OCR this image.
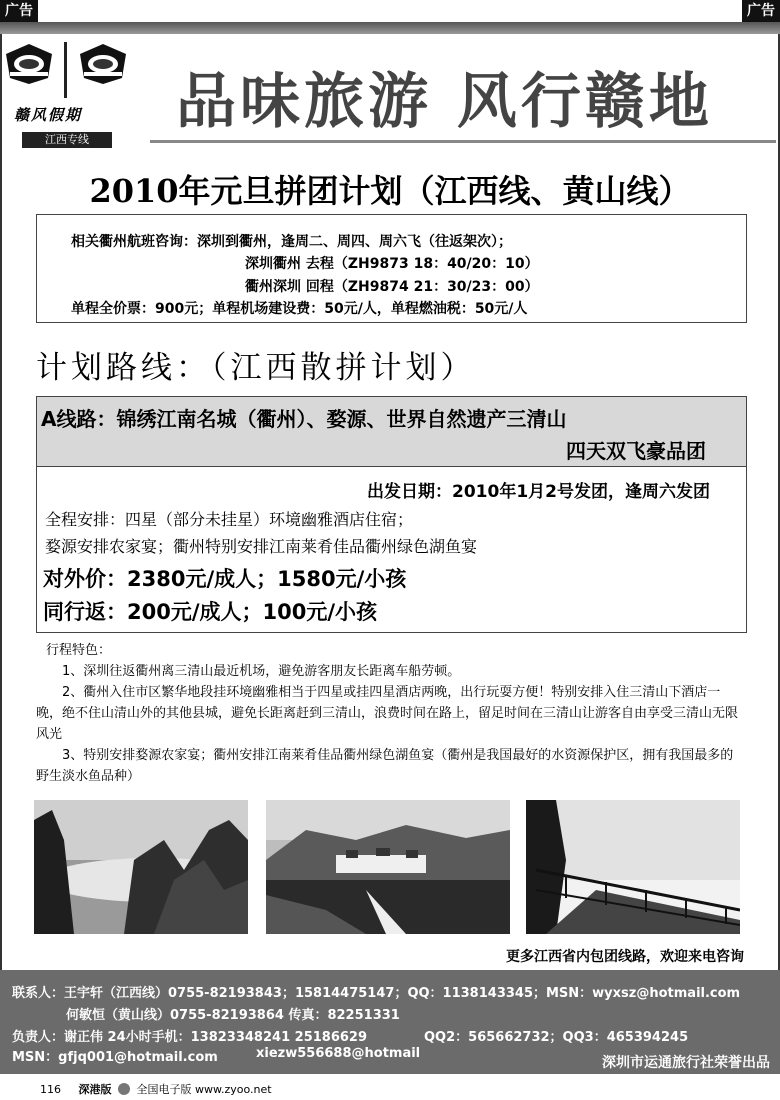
广告	广告
赣风假期
江西专线
品味旅游 风行赣地
2010年元旦拼团计划（江西线、黄山线）
相关衢州航班咨询：深圳到衢州，逢周二、周四、周六飞（往返架次）；
深圳衢州 去程（ZH9873 18：40/20：10）
衢州深圳 回程（ZH9874 21：30/23：00）
单程全价票：900元；单程机场建设费：50元/人，单程燃油税：50元/人
计划路线：（江西散拼计划）
A线路：锦绣江南名城（衢州）、婺源、世界自然遗产三清山
四天双飞豪品团
出发日期：2010年1月2号发团，逢周六发团
全程安排：四星（部分未挂星）环境幽雅酒店住宿；
婺源安排农家宴；衢州特别安排江南莱肴佳品衢州绿色湖鱼宴
对外价：2380元/成人；1580元/小孩
同行返：200元/成人；100元/小孩
行程特色：

1、深圳往返衢州离三清山最近机场，避免游客朋友长距离车船劳顿。

2、衢州入住市区繁华地段挂环境幽雅相当于四星或挂四星酒店两晚，出行玩耍方便！特别安排入住三清山下酒店一晚，绝不住山清山外的其他县城，避免长距离赶到三清山，浪费时间在路上，留足时间在三清山让游客自由享受三清山无限风光

3、特别安排婺源农家宴；衢州安排江南莱肴佳品衢州绿色湖鱼宴（衢州是我国最好的水资源保护区，拥有我国最多的野生淡水鱼品种）

更多江西省内包团线路，欢迎来电咨询
联系人：王宇轩（江西线）0755-82193843；15814475147；QQ：1138143345；MSN：wyxsz@hotmail.com
何敏恒（黄山线）0755-82193864 传真：82251331
负责人：谢正伟 24小时手机：13823348241 25186629	QQ2：565662732；QQ3：465394245
MSN：gfjq001@hotmail.com	xiezw556688@hotmail
深圳市运通旅行社荣誉出品
116 深港版 全国电子版 www.zyoo.net
